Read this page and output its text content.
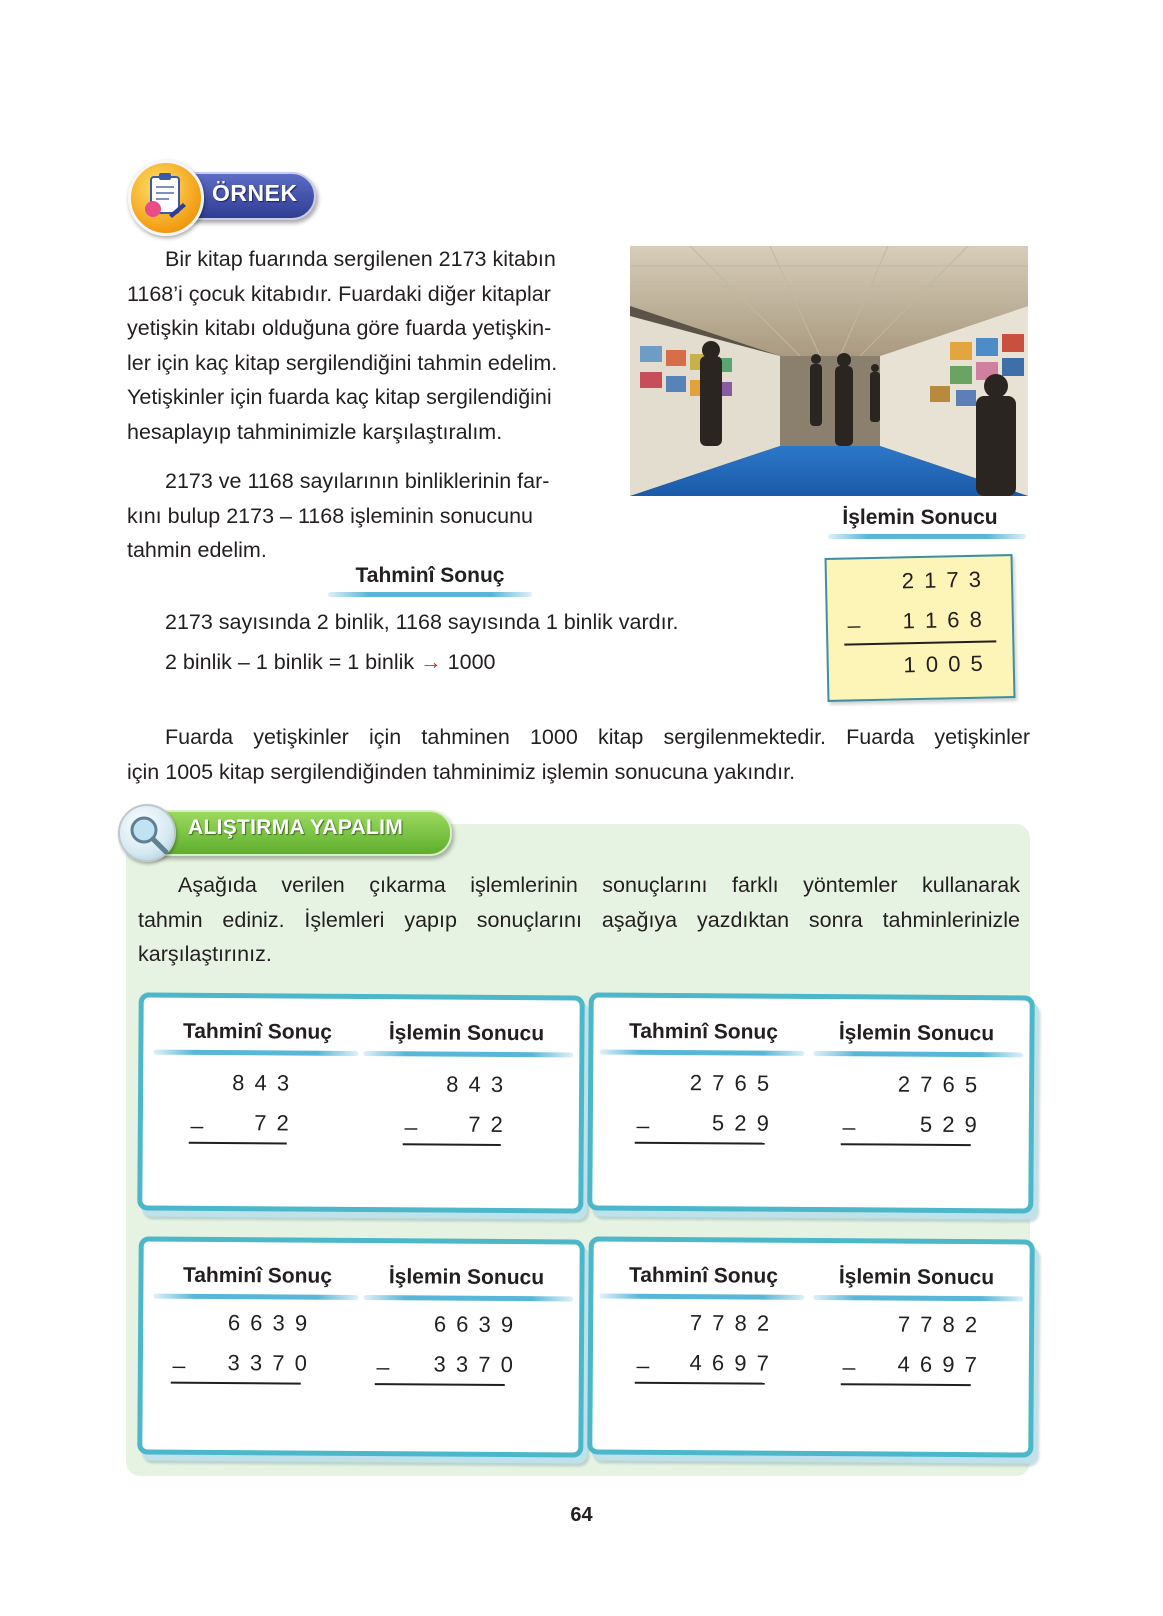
ÖRNEK
Bir kitap fuarında sergilenen 2173 kitabın
1168’i çocuk kitabıdır. Fuardaki diğer kitaplar
yetişkin kitabı olduğuna göre fuarda yetişkin-
ler için kaç kitap sergilendiğini tahmin edelim.
Yetişkinler için fuarda kaç kitap sergilendiğini
hesaplayıp tahminimizle karşılaştıralım.
2173 ve 1168 sayılarının binliklerinin far-
kını bulup 2173 – 1168 işleminin sonucunu
tahmin edelim.
İşlemin Sonucu
2 1 7 3
_ 1 1 6 8
1 0 0 5
Tahminî Sonuç
2173 sayısında 2 binlik, 1168 sayısında 1 binlik vardır.
2 binlik – 1 binlik = 1 binlik → 1000
Fuarda yetişkinler için tahminen 1000 kitap sergilenmektedir. Fuarda yetişkinler
için 1005 kitap sergilendiğinden tahminimiz işlemin sonucuna yakındır.
ALIŞTIRMA YAPALIM
Aşağıda verilen çıkarma işlemlerinin sonuçlarını farklı yöntemler kullanarak
tahmin ediniz. İşlemleri yapıp sonuçlarını aşağıya yazdıktan sonra tahminlerinizle
karşılaştırınız.
Tahminî Sonuç	İşlemin Sonucu
8 4 3
_ 7 2
8 4 3
_ 7 2
Tahminî Sonuç	İşlemin Sonucu
2 7 6 5
_	5 2 9
2 7 6 5
_	5 2 9
Tahminî Sonuç	İşlemin Sonucu
6 6 3 9
_ 3 3 7 0
6 6 3 9
_ 3 3 7 0
Tahminî Sonuç	İşlemin Sonucu
7 7 8 2
_ 4 6 9 7
7 7 8 2
_ 4 6 9 7
64
